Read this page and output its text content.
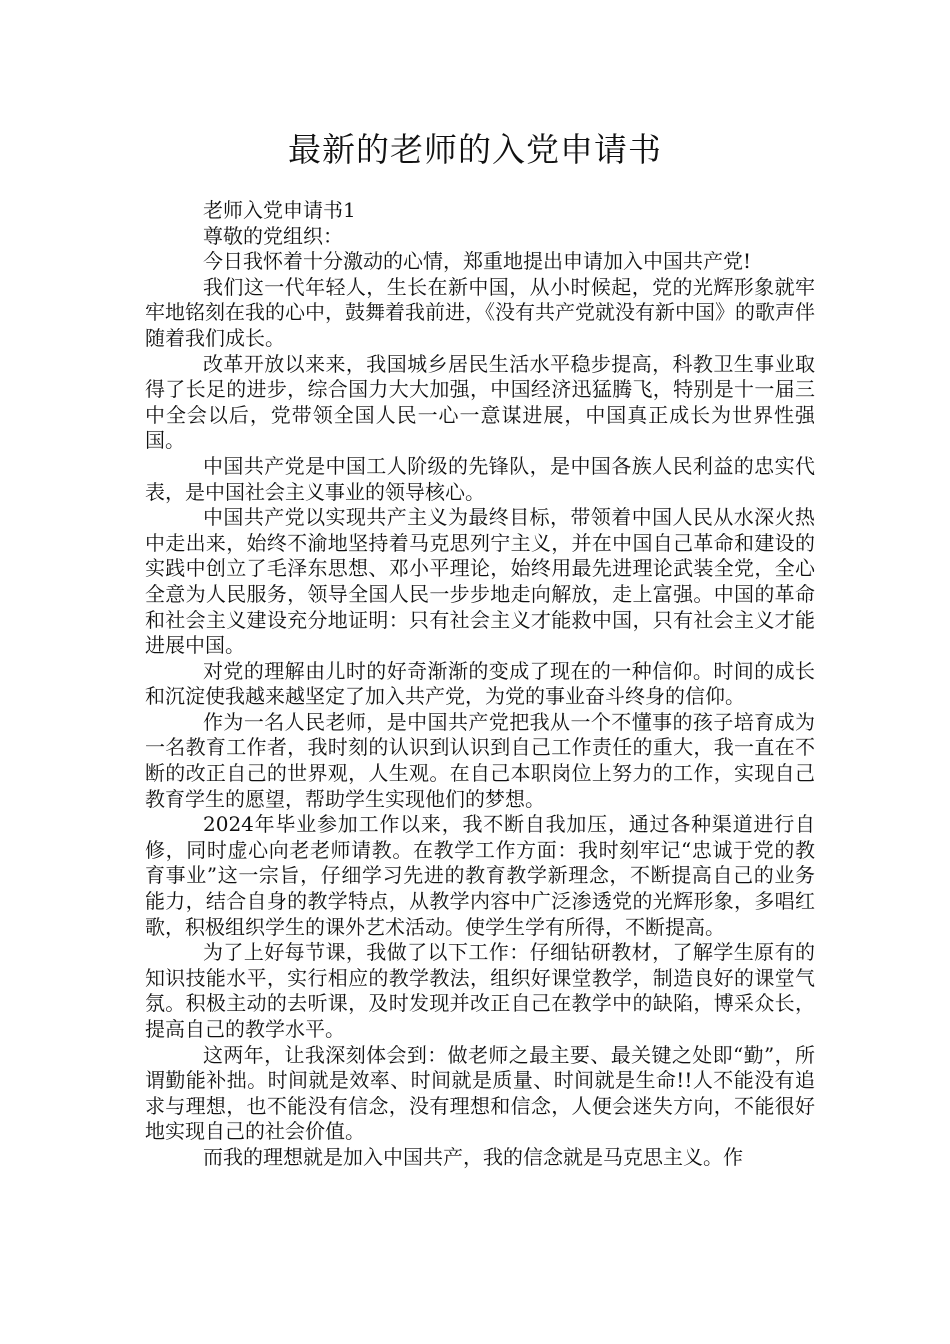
最新的老师的入党申请书

老师入党申请书1

尊敬的党组织：

今日我怀着十分激动的心情，郑重地提出申请加入中国共产党!

我们这一代年轻人，生长在新中国，从小时候起，党的光辉形象就牢牢地铭刻在我的心中，鼓舞着我前进，《没有共产党就没有新中国》的歌声伴随着我们成长。

改革开放以来来，我国城乡居民生活水平稳步提高，科教卫生事业取得了长足的进步，综合国力大大加强，中国经济迅猛腾飞，特别是十一届三中全会以后，党带领全国人民一心一意谋进展，中国真正成长为世界性强国。

中国共产党是中国工人阶级的先锋队，是中国各族人民利益的忠实代表，是中国社会主义事业的领导核心。

中国共产党以实现共产主义为最终目标，带领着中国人民从水深火热中走出来，始终不渝地坚持着马克思列宁主义，并在中国自己革命和建设的实践中创立了毛泽东思想、邓小平理论，始终用最先进理论武装全党，全心全意为人民服务，领导全国人民一步步地走向解放，走上富强。中国的革命和社会主义建设充分地证明：只有社会主义才能救中国，只有社会主义才能进展中国。

对党的理解由儿时的好奇渐渐的变成了现在的一种信仰。时间的成长和沉淀使我越来越坚定了加入共产党，为党的事业奋斗终身的信仰。

作为一名人民老师，是中国共产党把我从一个不懂事的孩子培育成为一名教育工作者，我时刻的认识到认识到自己工作责任的重大，我一直在不断的改正自己的世界观，人生观。在自己本职岗位上努力的工作，实现自己教育学生的愿望，帮助学生实现他们的梦想。

2024年毕业参加工作以来，我不断自我加压，通过各种渠道进行自修，同时虚心向老老师请教。在教学工作方面：我时刻牢记“忠诚于党的教育事业”这一宗旨，仔细学习先进的教育教学新理念，不断提高自己的业务能力，结合自身的教学特点，从教学内容中广泛渗透党的光辉形象，多唱红歌，积极组织学生的课外艺术活动。使学生学有所得，不断提高。

为了上好每节课，我做了以下工作：仔细钻研教材，了解学生原有的知识技能水平，实行相应的教学教法，组织好课堂教学，制造良好的课堂气氛。积极主动的去听课，及时发现并改正自己在教学中的缺陷，博采众长，提高自己的教学水平。

这两年，让我深刻体会到：做老师之最主要、最关键之处即“勤”，所谓勤能补拙。时间就是效率、时间就是质量、时间就是生命!!人不能没有追求与理想，也不能没有信念，没有理想和信念，人便会迷失方向，不能很好地实现自己的社会价值。

而我的理想就是加入中国共产，我的信念就是马克思主义。作
